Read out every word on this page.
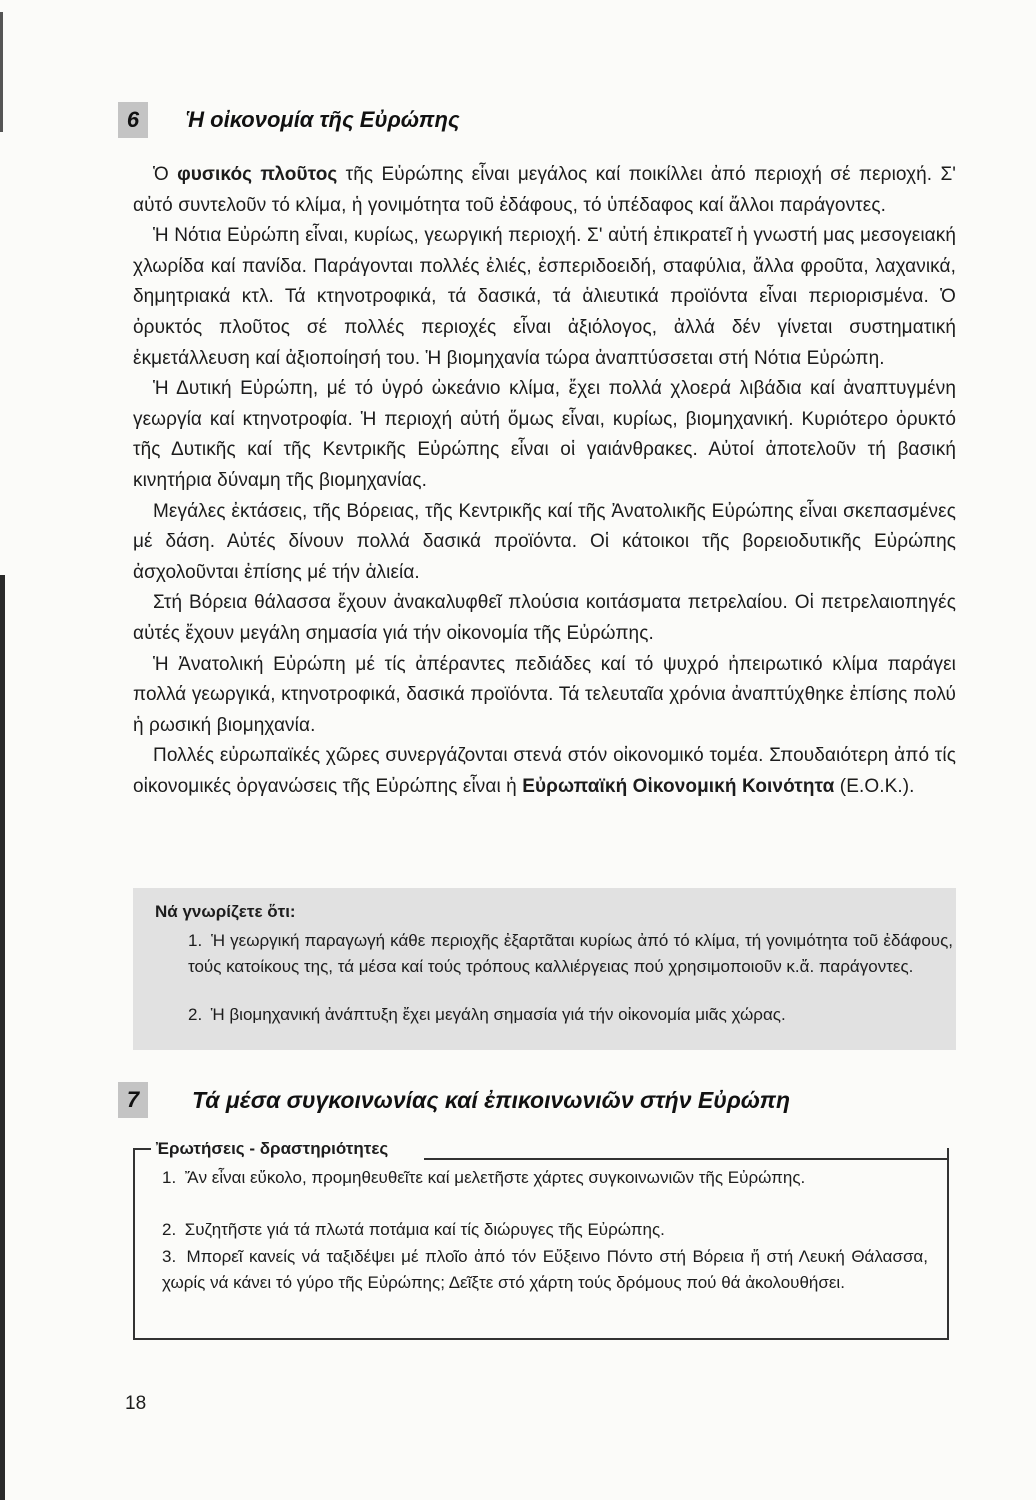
6	Ἡ οἰκονομία τῆς Εὐρώπης

Ὁ φυσικός πλοῦτος τῆς Εὐρώπης εἶναι μεγάλος καί ποικίλλει ἀπό περιοχή σέ περιοχή. Σ' αὐτό συντελοῦν τό κλίμα, ἡ γονιμότητα τοῦ ἐδάφους, τό ὑπέδαφος καί ἄλλοι παράγοντες.

Ἡ Νότια Εὐρώπη εἶναι, κυρίως, γεωργική περιοχή. Σ' αὐτή ἐπικρατεῖ ἡ γνωστή μας μεσογειακή χλωρίδα καί πανίδα. Παράγονται πολλές ἐλιές, ἐσπεριδοειδή, σταφύλια, ἄλλα φροῦτα, λαχανικά, δημητριακά κτλ. Τά κτηνοτροφικά, τά δασικά, τά ἁλιευτικά προϊόντα εἶναι περιορισμένα. Ὁ ὀρυκτός πλοῦτος σέ πολλές περιοχές εἶναι ἀξιόλογος, ἀλλά δέν γίνεται συστηματική ἐκμετάλλευση καί ἀξιοποίησή του. Ἡ βιομηχανία τώρα ἀναπτύσσεται στή Νότια Εὐρώπη.

Ἡ Δυτική Εὐρώπη, μέ τό ὑγρό ὠκεάνιο κλίμα, ἔχει πολλά χλοερά λιβάδια καί ἀναπτυγμένη γεωργία καί κτηνοτροφία. Ἡ περιοχή αὐτή ὅμως εἶναι, κυρίως, βιομηχανική. Κυριότερο ὀρυκτό τῆς Δυτικῆς καί τῆς Κεντρικῆς Εὐρώπης εἶναι οἱ γαιάνθρακες. Αὐτοί ἀποτελοῦν τή βασική κινητήρια δύναμη τῆς βιομηχανίας.

Μεγάλες ἐκτάσεις, τῆς Βόρειας, τῆς Κεντρικῆς καί τῆς Ἀνατολικῆς Εὐρώπης εἶναι σκεπασμένες μέ δάση. Αὐτές δίνουν πολλά δασικά προϊόντα. Οἱ κάτοικοι τῆς βορειοδυτικῆς Εὐρώπης ἀσχολοῦνται ἐπίσης μέ τήν ἁλιεία.

Στή Βόρεια θάλασσα ἔχουν ἀνακαλυφθεῖ πλούσια κοιτάσματα πετρελαίου. Οἱ πετρελαιοπηγές αὐτές ἔχουν μεγάλη σημασία γιά τήν οἰκονομία τῆς Εὐρώπης.

Ἡ Ἀνατολική Εὐρώπη μέ τίς ἀπέραντες πεδιάδες καί τό ψυχρό ἠπειρωτικό κλίμα παράγει πολλά γεωργικά, κτηνοτροφικά, δασικά προϊόντα. Τά τελευταῖα χρόνια ἀναπτύχθηκε ἐπίσης πολύ ἡ ρωσική βιομηχανία.

Πολλές εὐρωπαϊκές χῶρες συνεργάζονται στενά στόν οἰκονομικό τομέα. Σπουδαιότερη ἀπό τίς οἰκονομικές ὀργανώσεις τῆς Εὐρώπης εἶναι ἡ Εὐρωπαϊκή Οἰκονομική Κοινότητα (Ε.Ο.Κ.).

Νά γνωρίζετε ὅτι:
1. Ἡ γεωργική παραγωγή κάθε περιοχῆς ἐξαρτᾶται κυρίως ἀπό τό κλίμα, τή γονιμότητα τοῦ ἐδάφους, τούς κατοίκους της, τά μέσα καί τούς τρόπους καλλιέργειας πού χρησιμοποιοῦν κ.ἄ. παράγοντες.
2. Ἡ βιομηχανική ἀνάπτυξη ἔχει μεγάλη σημασία γιά τήν οἰκονομία μιᾶς χώρας.
7	Τά μέσα συγκοινωνίας καί ἐπικοινωνιῶν στήν Εὐρώπη
Ἐρωτήσεις - δραστηριότητες
1. Ἄν εἶναι εὔκολο, προμηθευθεῖτε καί μελετῆστε χάρτες συγκοινωνιῶν τῆς Εὐρώπης.
2. Συζητῆστε γιά τά πλωτά ποτάμια καί τίς διώρυγες τῆς Εὐρώπης.
3. Μπορεῖ κανείς νά ταξιδέψει μέ πλοῖο ἀπό τόν Εὔξεινο Πόντο στή Βόρεια ἤ στή Λευκή Θάλασσα, χωρίς νά κάνει τό γύρο τῆς Εὐρώπης; Δεῖξτε στό χάρτη τούς δρόμους πού θά ἀκολουθήσει.
18
